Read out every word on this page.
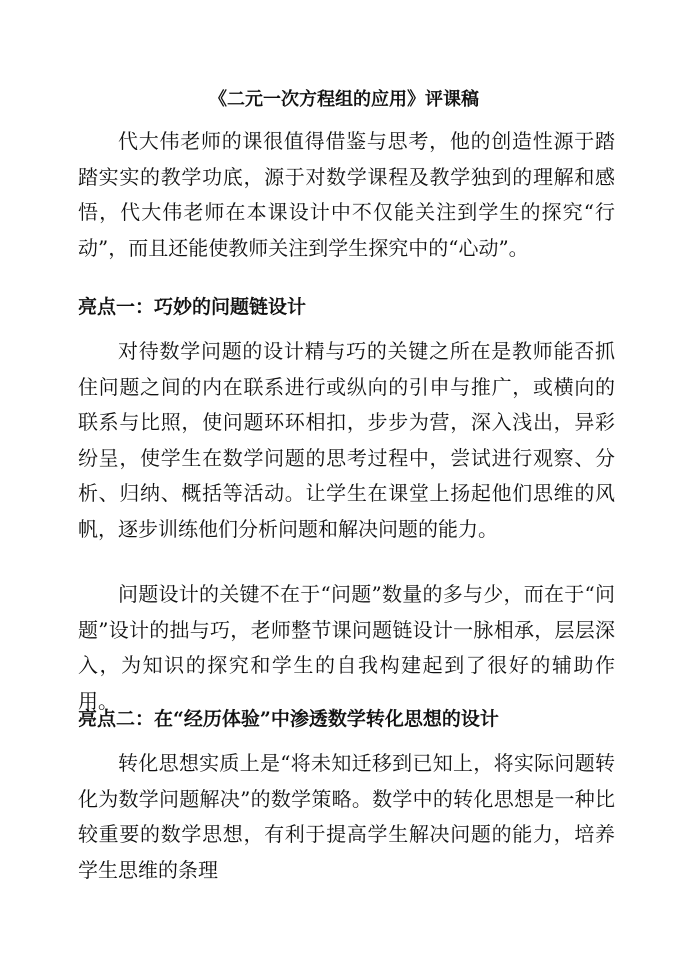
《二元一次方程组的应用》评课稿

代大伟老师的课很值得借鉴与思考，他的创造性源于踏踏实实的教学功底，源于对数学课程及教学独到的理解和感悟，代大伟老师在本课设计中不仅能关注到学生的探究“行动”，而且还能使教师关注到学生探究中的“心动”。

亮点一：巧妙的问题链设计

对待数学问题的设计精与巧的关键之所在是教师能否抓住问题之间的内在联系进行或纵向的引申与推广，或横向的联系与比照，使问题环环相扣，步步为营，深入浅出，异彩纷呈，使学生在数学问题的思考过程中，尝试进行观察、分析、归纳、概括等活动。让学生在课堂上扬起他们思维的风帆，逐步训练他们分析问题和解决问题的能力。

问题设计的关键不在于“问题”数量的多与少，而在于“问题”设计的拙与巧，老师整节课问题链设计一脉相承，层层深入，为知识的探究和学生的自我构建起到了很好的辅助作用。

亮点二：在“经历体验”中渗透数学转化思想的设计

转化思想实质上是“将未知迁移到已知上，将实际问题转化为数学问题解决”的数学策略。数学中的转化思想是一种比较重要的数学思想，有利于提高学生解决问题的能力，培养学生思维的条理
